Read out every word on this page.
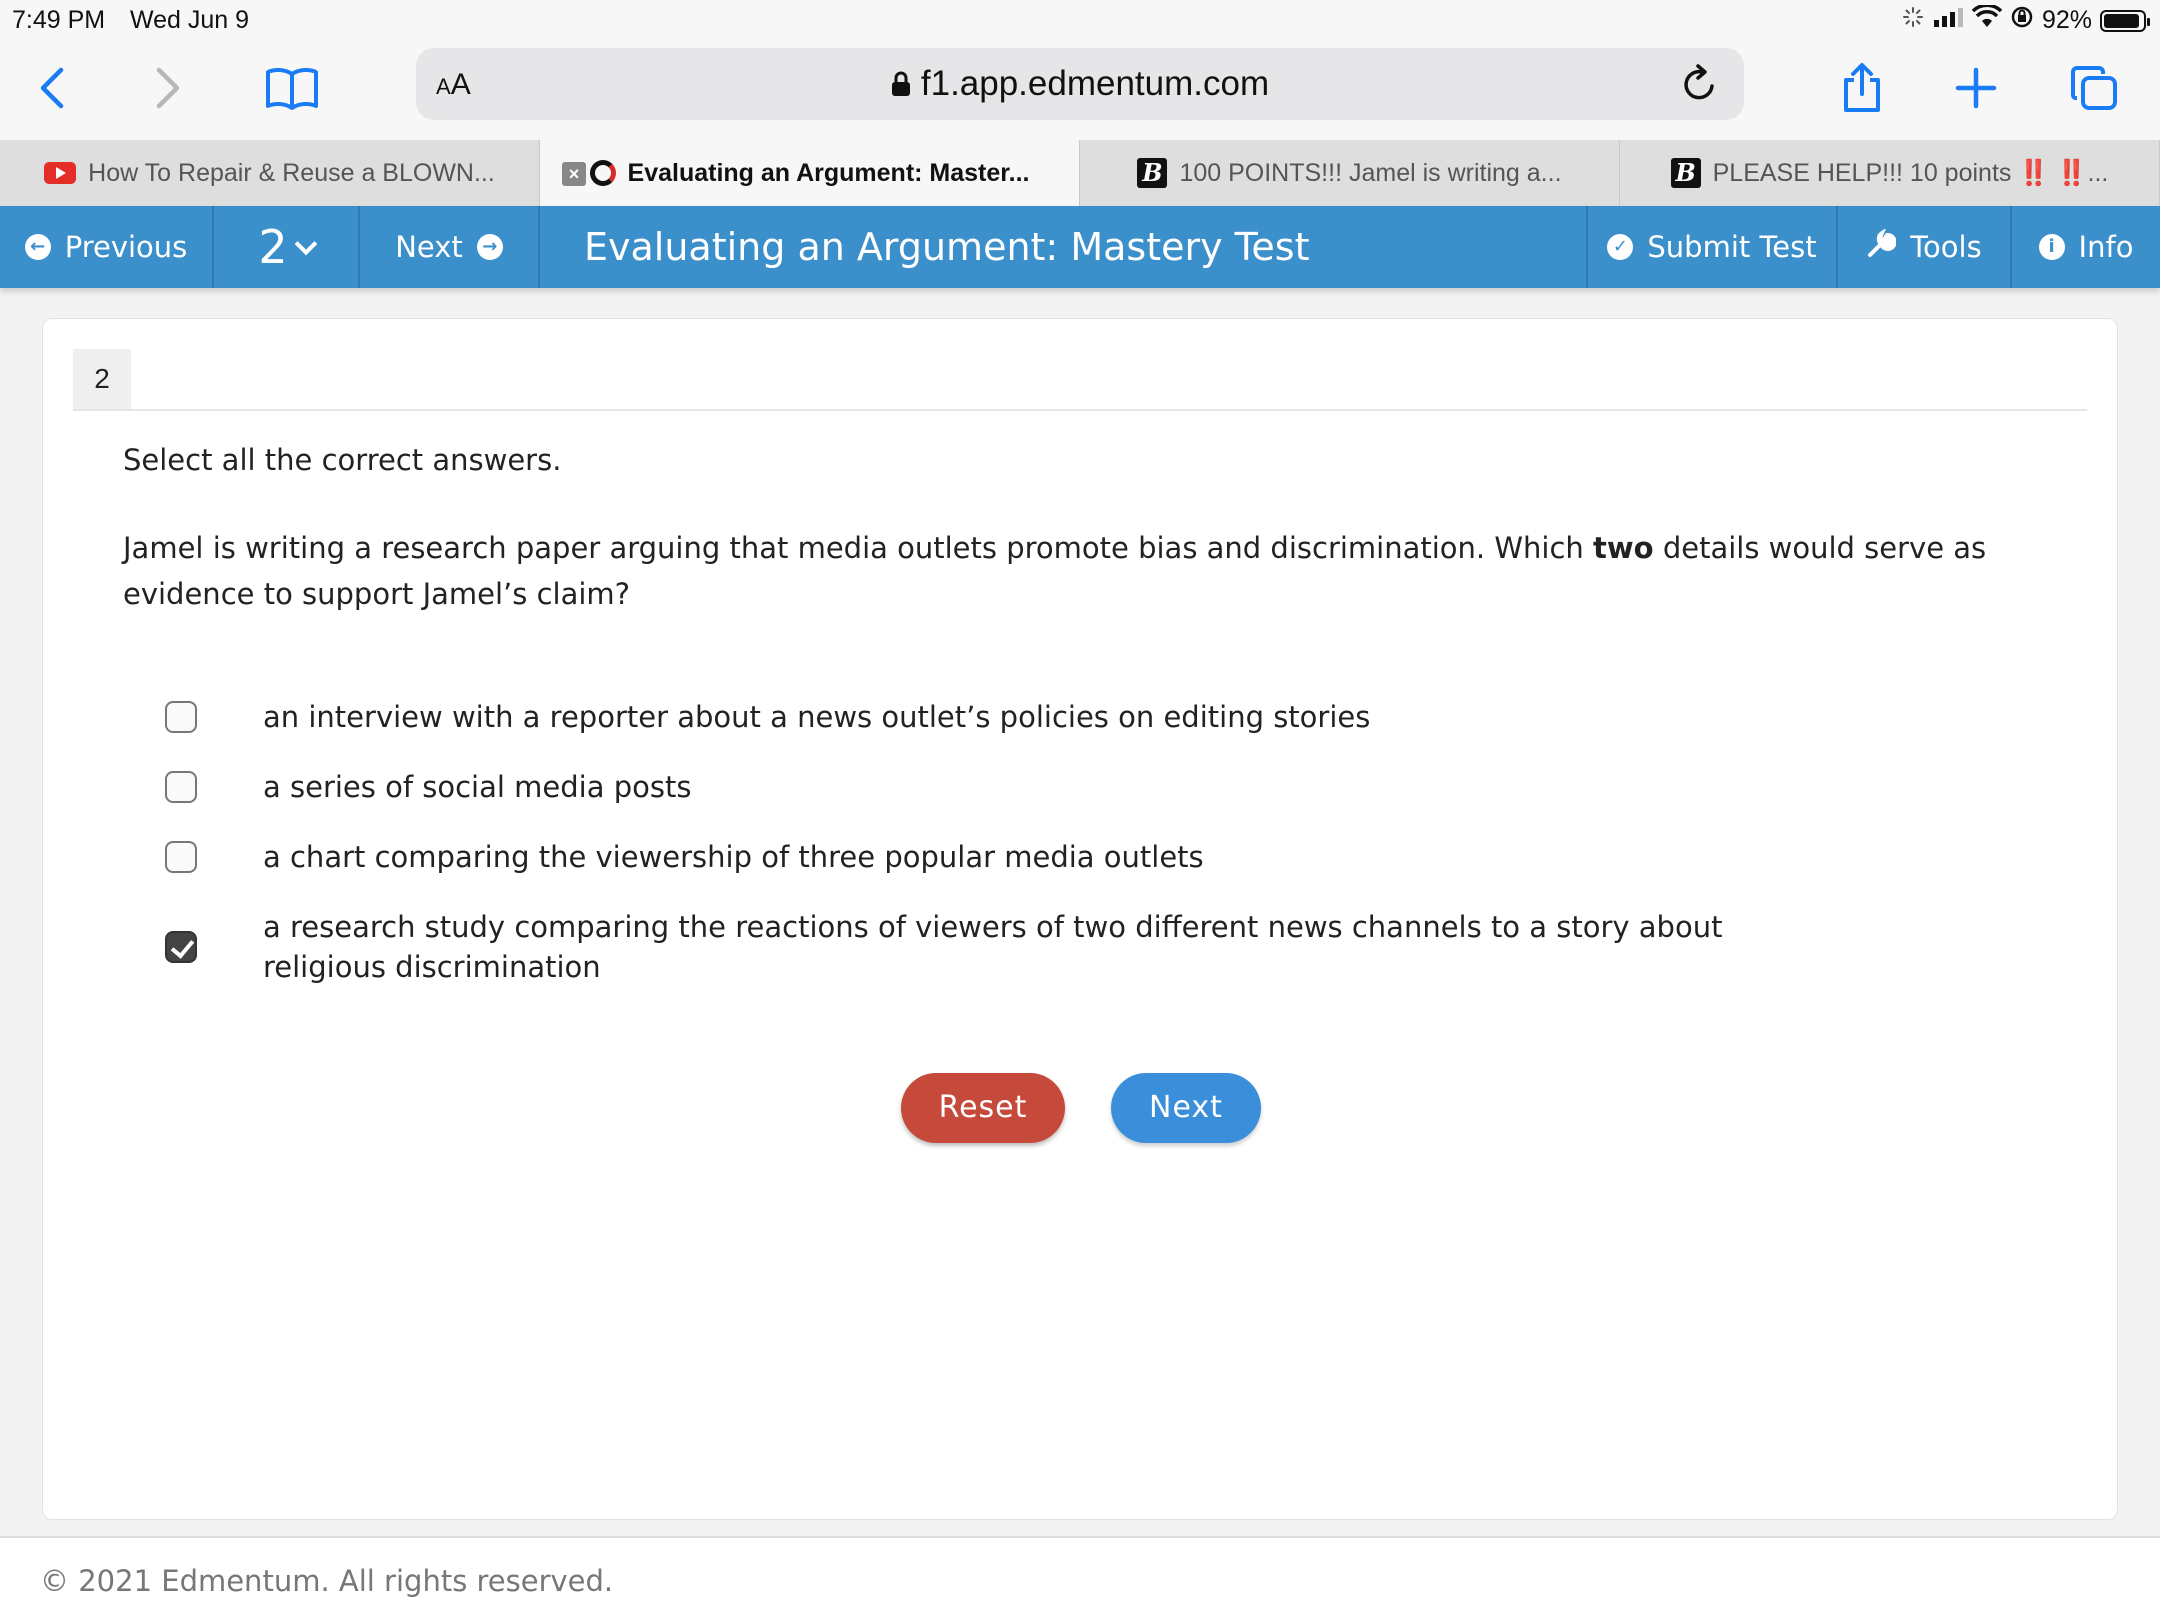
7:49 PM Wed Jun 9	92%
AA	f1.app.edmentum.com
How To Repair & Reuse a BLOWN...	× Evaluating an Argument: Master...	B 100 POINTS!!! Jamel is writing a...	B PLEASE HELP!!! 10 points ‼️ ‼️...
← Previous 2	Next	→	Evaluating an Argument: Mastery Test	✓ Submit Test	Tools	i Info
2
Select all the correct answers.
Jamel is writing a research paper arguing that media outlets promote bias and discrimination. Which two details would serve as evidence to support Jamel’s claim?
an interview with a reporter about a news outlet’s policies on editing stories
a series of social media posts
a chart comparing the viewership of three popular media outlets
a research study comparing the reactions of viewers of two different news channels to a story about
religious discrimination
Reset	Next
© 2021 Edmentum. All rights reserved.
